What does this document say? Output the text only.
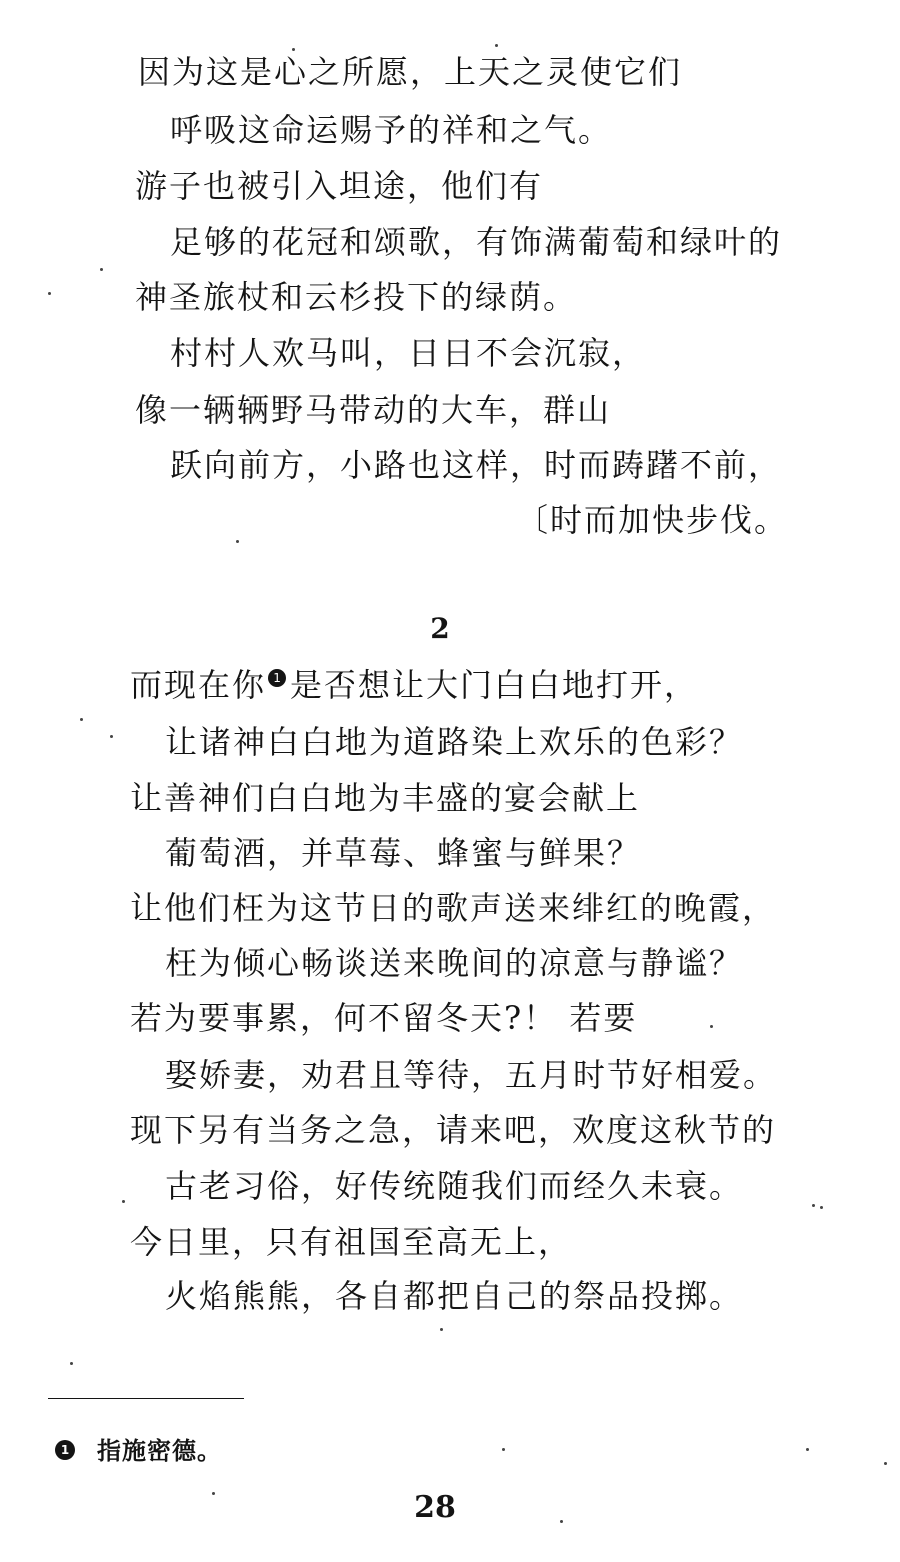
因为这是心之所愿，上天之灵使它们
呼吸这命运赐予的祥和之气。
游子也被引入坦途，他们有
足够的花冠和颂歌，有饰满葡萄和绿叶的
神圣旅杖和云杉投下的绿荫。
村村人欢马叫，日日不会沉寂，
像一辆辆野马带动的大车，群山
跃向前方，小路也这样，时而踌躇不前，
〔时而加快步伐。
2
而现在你 1 是否想让大门白白地打开，
让诸神白白地为道路染上欢乐的色彩？
让善神们白白地为丰盛的宴会献上
葡萄酒，并草莓、蜂蜜与鲜果？
让他们枉为这节日的歌声送来绯红的晚霞，
枉为倾心畅谈送来晚间的凉意与静谧？
若为要事累，何不留冬天?！ 若要
娶娇妻，劝君且等待，五月时节好相爱。
现下另有当务之急，请来吧，欢度这秋节的
古老习俗，好传统随我们而经久未衰。
今日里，只有祖国至高无上，
火焰熊熊，各自都把自己的祭品投掷。
1 指施密德。
28
